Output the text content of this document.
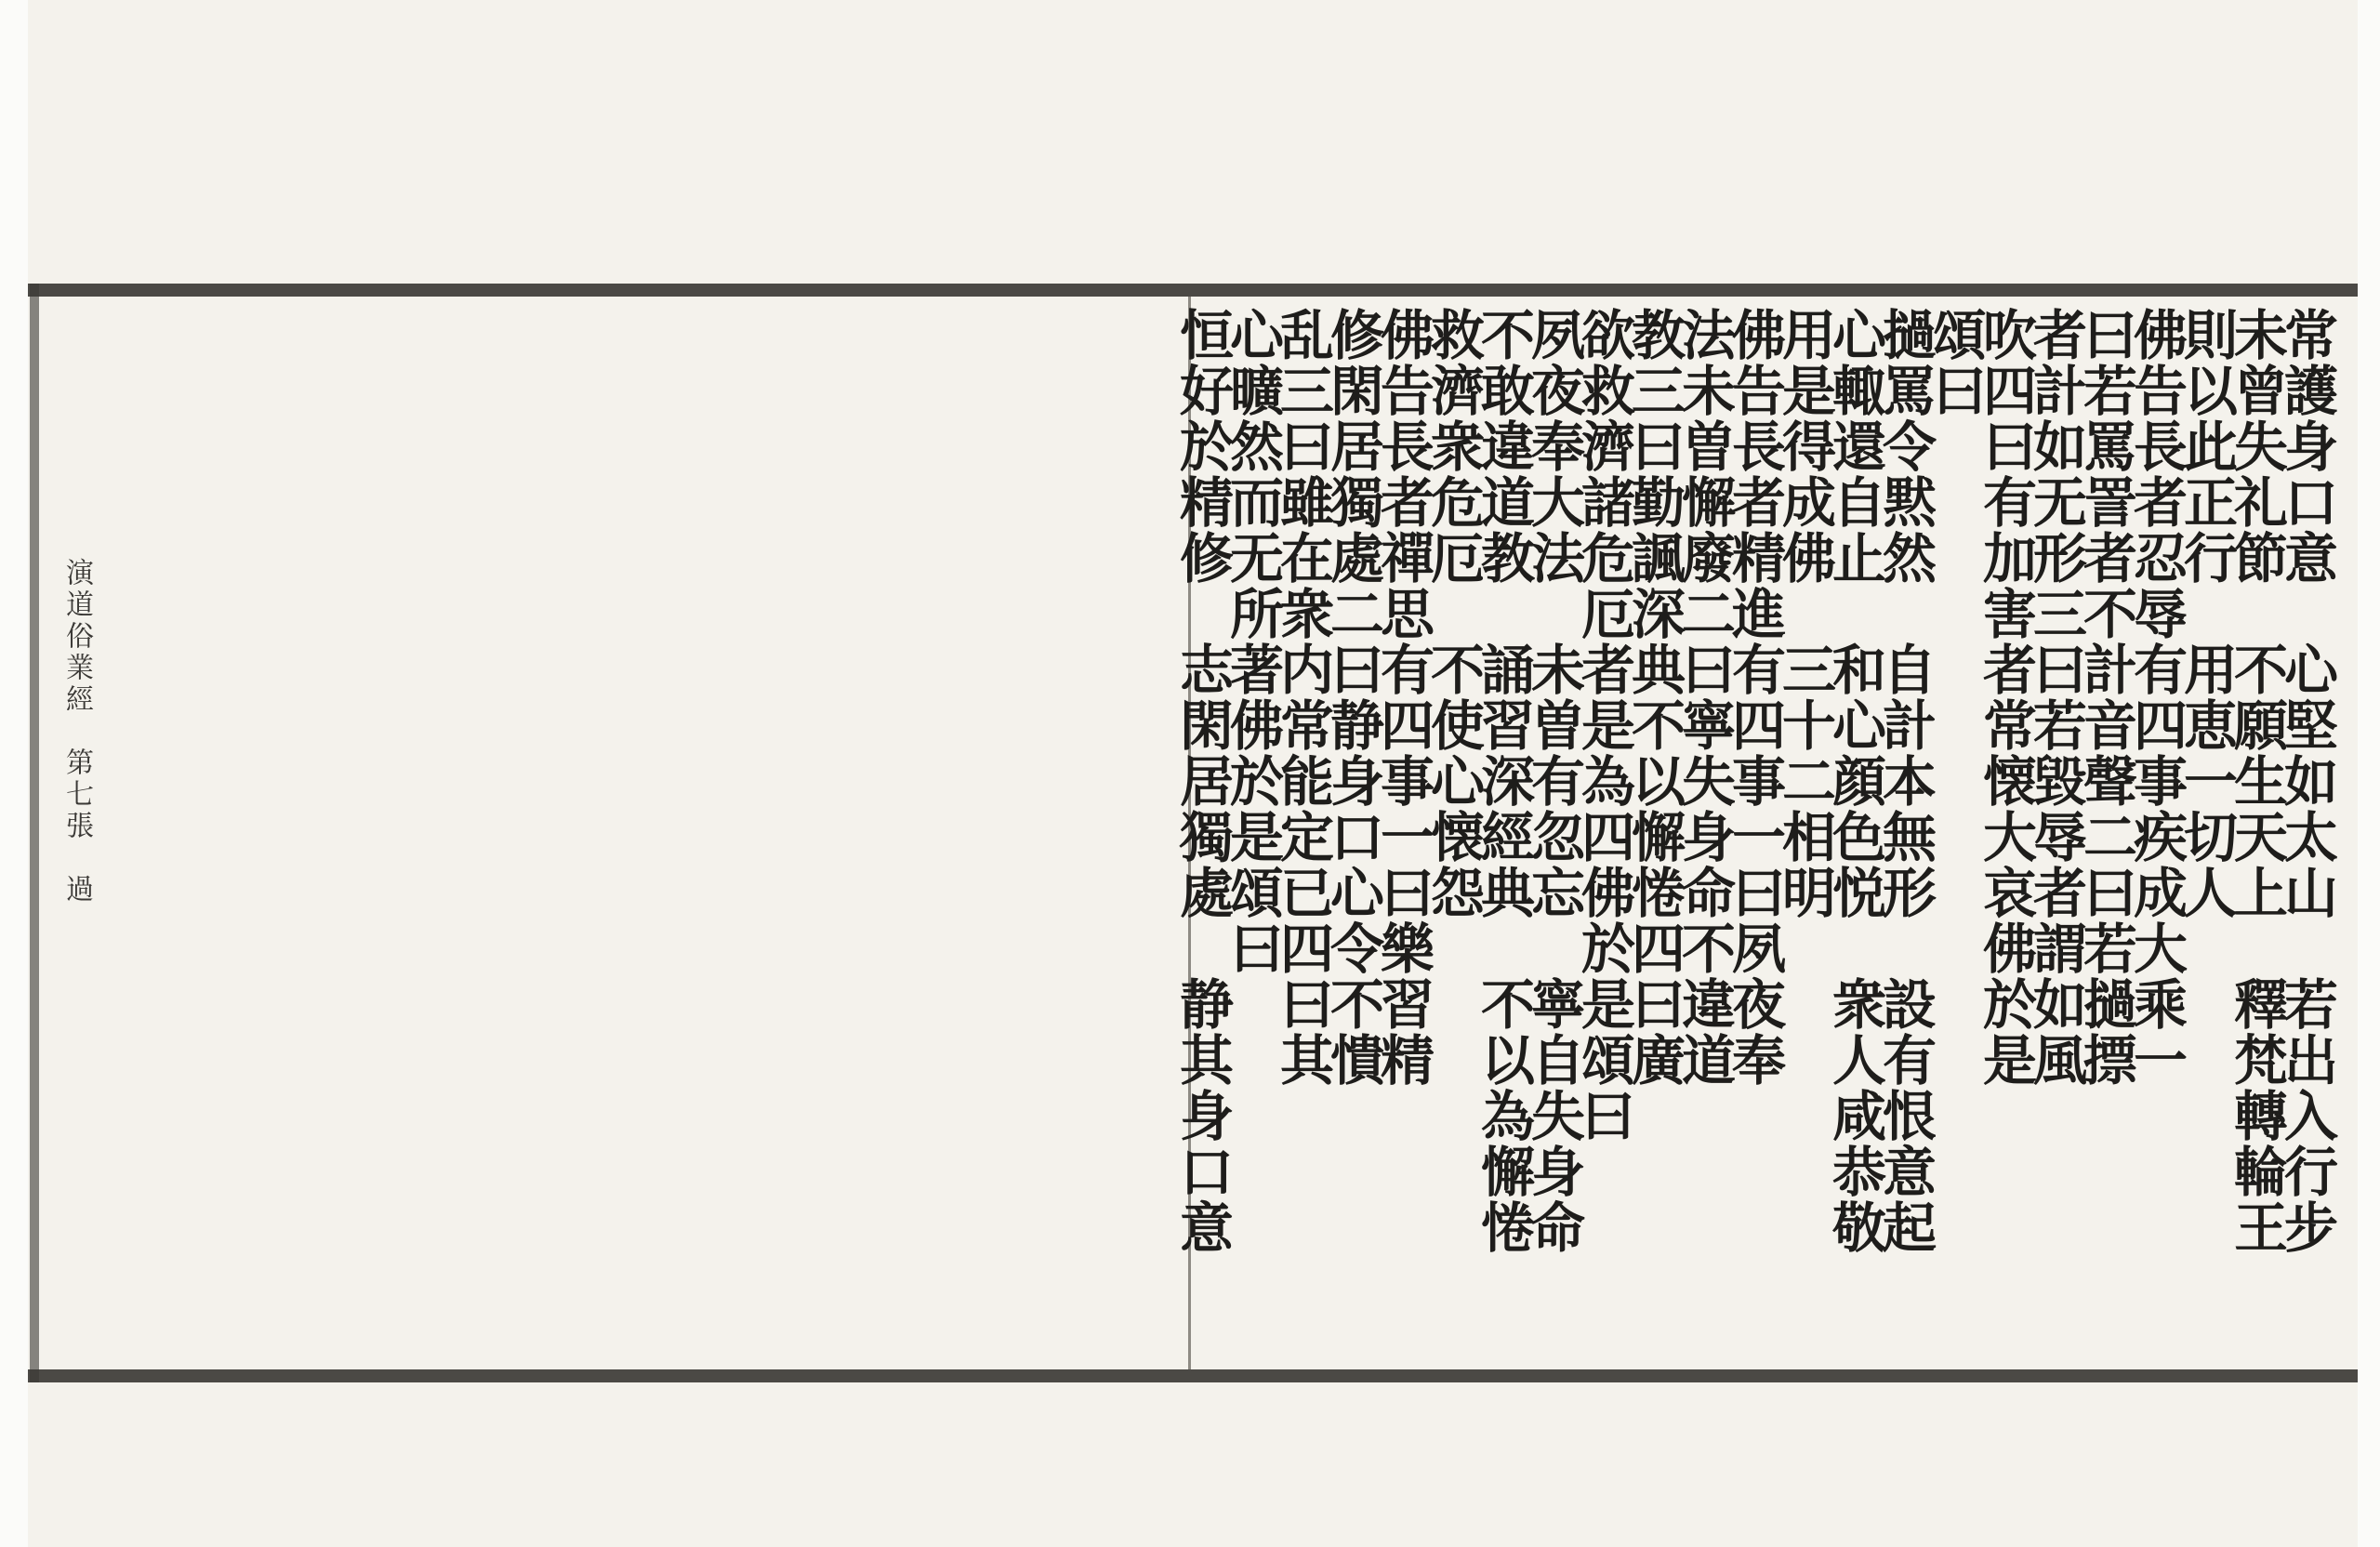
常護身口意　心堅如太山　若出入行步
未曾失礼節　不願生天上　釋梵轉輪王
則以此正行　用恵一切人
佛告長者忍辱有四事疾成大乘一
曰若罵詈者不計音聲二曰若撾摽
者計如无形三曰若毀辱者謂如風
吹四曰有加害者常懐大哀佛於是
頌曰
撾罵令黙然　自計本無形　設有恨意起
心輙還自止　和心顔色悦　衆人咸恭敬
用是得成佛　三十二相明
佛告長者精進有四事一曰夙夜奉
法未曽懈廢二曰寧失身命不違道
教三曰勤諷深典不以懈惓四曰廣
欲救濟諸危厄者是為四佛於是頌曰
夙夜奉大法　未曽有忽忘　寧自失身命
不敢違道教　誦習深經典　不以為懈惓
救濟衆危厄　不使心懐怨
佛告長者禪思有四事一曰樂習精
修閑居獨處二曰静身口心令不憒
乱三曰雖在衆内常能定已四曰其
心曠然而无所著佛於是頌曰
恒好於精修　志閑居獨處　静其身口意
演道俗業經　第七張　過
